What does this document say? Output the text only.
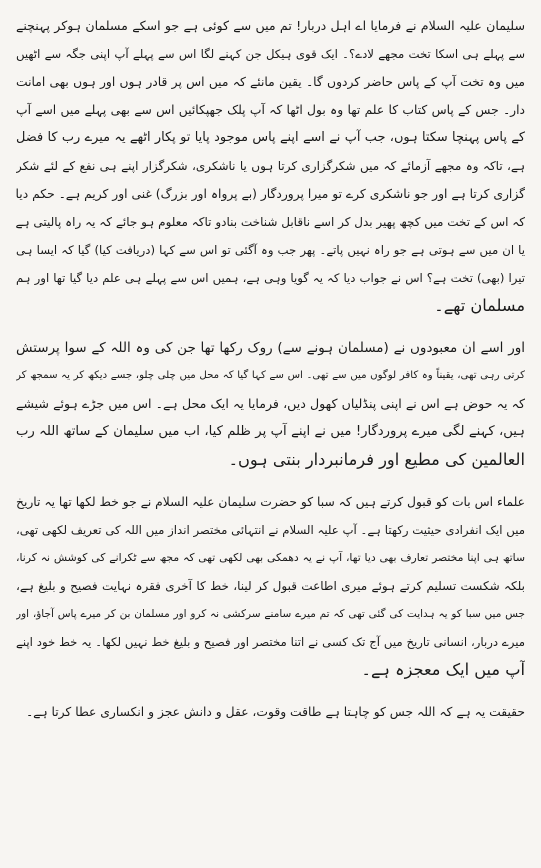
سلیمان علیہ السلام نے فرمایا اے اہل دربار! تم میں سے کوئی ہے جو اسکے مسلمان ہوکر پہنچنے
سے پہلے ہی اسکا تخت مجھے لادے؟۔ ایک قوی ہیکل جن کہنے لگا اس سے پہلے آپ اپنی جگہ سے اٹھیں
میں وہ تخت آپ کے پاس حاضر کردوں گا۔ یقین مانئے کہ میں اس پر قادر ہوں اور ہوں بھی امانت
دار۔ جس کے پاس کتاب کا علم تھا وہ بول اٹھا کہ آپ پلک جھپکائیں اس سے بھی پہلے میں اسے آپ
کے پاس پہنچا سکتا ہوں، جب آپ نے اسے اپنے پاس موجود پایا تو پکار اٹھے یہ میرے رب کا فضل
ہے، تاکہ وہ مجھے آزمائے کہ میں شکرگزاری کرتا ہوں یا ناشکری، شکرگزار اپنے ہی نفع کے لئے شکر
گزاری کرتا ہے اور جو ناشکری کرے تو میرا پروردگار (بے پرواہ اور بزرگ) غنی اور کریم ہے۔ حکم دیا
کہ اس کے تخت میں کچھ پھیر بدل کر اسے ناقابل شناخت بنادو تاکہ معلوم ہو جائے کہ یہ راہ پالیتی ہے
یا ان میں سے ہوتی ہے جو راہ نہیں پاتے۔ پھر جب وہ آگئی تو اس سے کہا (دریافت کیا) گیا کہ ایسا ہی
تیرا (بھی) تخت ہے؟ اس نے جواب دیا کہ یہ گویا وہی ہے، ہمیں اس سے پہلے ہی علم دیا گیا تھا اور ہم
مسلمان تھے۔
اور اسے ان معبودوں نے (مسلمان ہونے سے) روک رکھا تھا جن کی وہ اللہ کے سوا پرستش
کرتی رہی تھی، یقیناً وہ کافر لوگوں میں سے تھی۔ اس سے کہا گیا کہ محل میں چلی چلو، جسے دیکھ کر یہ سمجھ کر
کہ یہ حوض ہے اس نے اپنی پنڈلیاں کھول دیں، فرمایا یہ ایک محل ہے۔ اس میں جڑے ہوئے شیشے
ہیں، کہنے لگی میرے پروردگار! میں نے اپنے آپ پر ظلم کیا، اب میں سلیمان کے ساتھ اللہ رب
العالمین کی مطیع اور فرمانبردار بنتی ہوں۔
علماء اس بات کو قبول کرتے ہیں کہ سبا کو حضرت سلیمان علیہ السلام نے جو خط لکھا تھا یہ تاریخ
میں ایک انفرادی حیثیت رکھتا ہے۔ آپ علیہ السلام نے انتہائی مختصر انداز میں اللہ کی تعریف لکھی تھی،
ساتھ ہی اپنا مختصر تعارف بھی دیا تھا، آپ نے یہ دھمکی بھی لکھی تھی کہ مجھ سے ٹکرانے کی کوشش نہ کرنا،
بلکہ شکست تسلیم کرتے ہوئے میری اطاعت قبول کر لینا، خط کا آخری فقرہ نہایت فصیح و بلیغ ہے،
جس میں سبا کو یہ ہدایت کی گئی تھی کہ تم میرے سامنے سرکشی نہ کرو اور مسلمان بن کر میرے پاس آجاؤ، اور
میرے دربار، انسانی تاریخ میں آج تک کسی نے اتنا مختصر اور فصیح و بلیغ خط نہیں لکھا۔ یہ خط خود اپنے
آپ میں ایک معجزہ ہے۔
حقیقت یہ ہے کہ اللہ جس کو چاہتا ہے طاقت وقوت، عقل و دانش عجز و انکساری عطا کرتا ہے۔
